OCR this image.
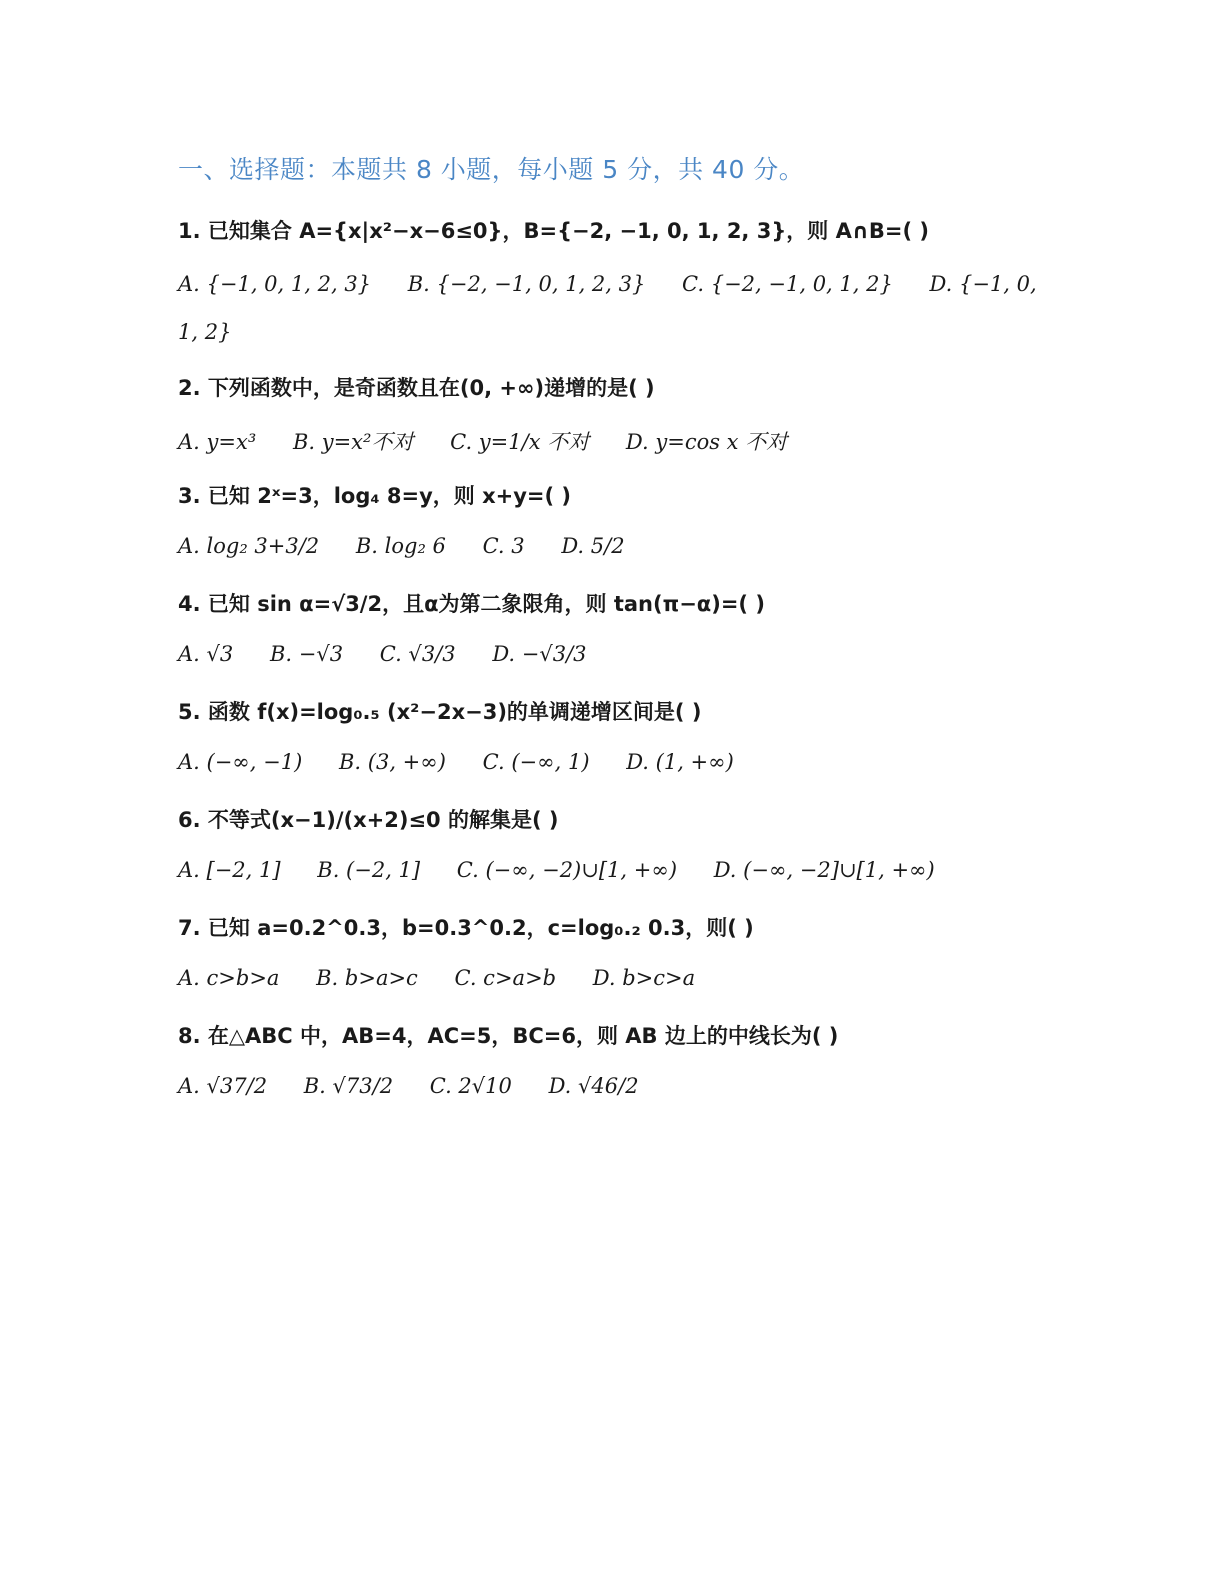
一、选择题：本题共 8 小题，每小题 5 分，共 40 分。
1. 已知集合 A={x|x²−x−6≤0}，B={−2, −1, 0, 1, 2, 3}，则 A∩B=( )
A. {−1, 0, 1, 2, 3} B. {−2, −1, 0, 1, 2, 3} C. {−2, −1, 0, 1, 2} D. {−1, 0, 1, 2}
2. 下列函数中，是奇函数且在(0, +∞)递增的是( )
A. y=x³ B. y=x²不对 C. y=1/x 不对 D. y=cos x 不对
3. 已知 2ˣ=3，log₄ 8=y，则 x+y=( )
A. log₂ 3+3/2 B. log₂ 6 C. 3 D. 5/2
4. 已知 sin α=√3/2，且α为第二象限角，则 tan(π−α)=( )
A. √3 B. −√3 C. √3/3 D. −√3/3
5. 函数 f(x)=log₀.₅ (x²−2x−3)的单调递增区间是( )
A. (−∞, −1) B. (3, +∞) C. (−∞, 1) D. (1, +∞)
6. 不等式(x−1)/(x+2)≤0 的解集是( )
A. [−2, 1] B. (−2, 1] C. (−∞, −2)∪[1, +∞) D. (−∞, −2]∪[1, +∞)
7. 已知 a=0.2^0.3，b=0.3^0.2，c=log₀.₂ 0.3，则( )
A. c>b>a B. b>a>c C. c>a>b D. b>c>a
8. 在△ABC 中，AB=4，AC=5，BC=6，则 AB 边上的中线长为( )
A. √37/2 B. √73/2 C. 2√10 D. √46/2
